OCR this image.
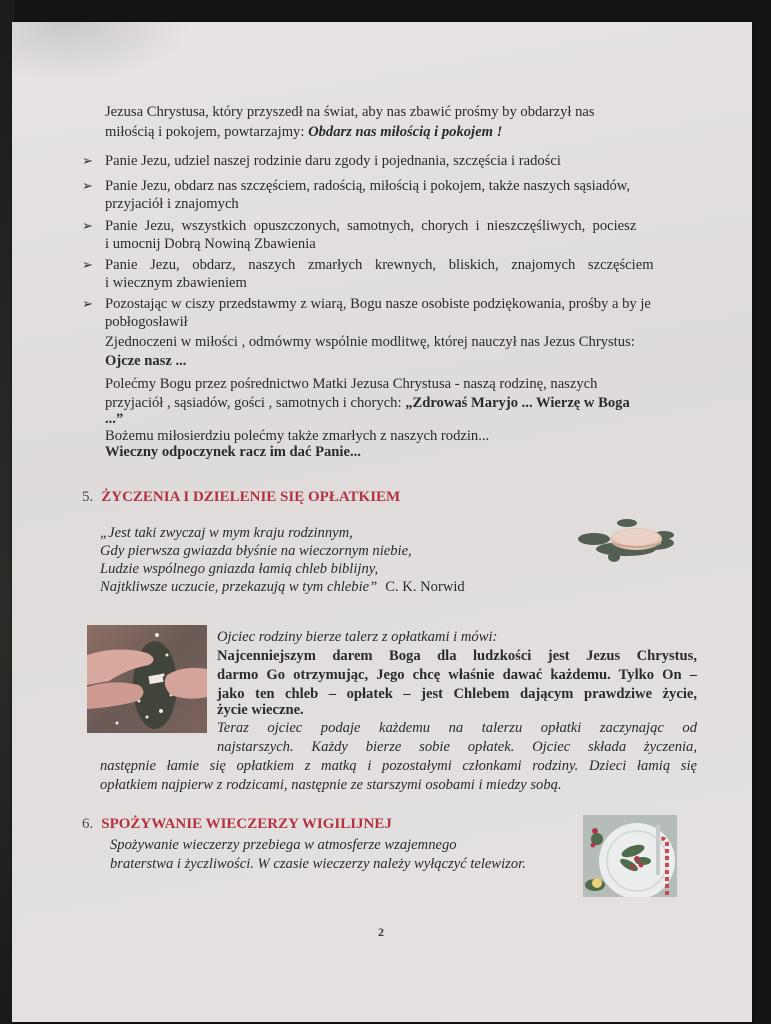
Jezusa Chrystusa, który przyszedł na świat, aby nas zbawić prośmy by obdarzył nas
miłością i pokojem, powtarzajmy: Obdarz nas miłością i pokojem !
➢ Panie Jezu, udziel naszej rodzinie daru zgody i pojednania, szczęścia i radości
➢ Panie Jezu, obdarz nas szczęściem, radością, miłością i pokojem, także naszych sąsiadów,
przyjaciół i znajomych
➢ Panie Jezu, wszystkich opuszczonych, samotnych, chorych i nieszczęśliwych, pociesz
i umocnij Dobrą Nowiną Zbawienia
➢ Panie Jezu, obdarz, naszych zmarłych krewnych, bliskich, znajomych szczęściem
i wiecznym zbawieniem
➢ Pozostając w ciszy przedstawmy z wiarą, Bogu nasze osobiste podziękowania, prośby a by je
pobłogosławił
Zjednoczeni w miłości , odmówmy wspólnie modlitwę, której nauczył nas Jezus Chrystus:
Ojcze nasz ...
Polećmy Bogu przez pośrednictwo Matki Jezusa Chrystusa - naszą rodzinę, naszych
przyjaciół , sąsiadów, gości , samotnych i chorych: „Zdrowaś Maryjo ... Wierzę w Boga
...”
Bożemu miłosierdziu polećmy także zmarłych z naszych rodzin...
Wieczny odpoczynek racz im dać Panie...
5. ŻYCZENIA I DZIELENIE SIĘ OPŁATKIEM
„Jest taki zwyczaj w mym kraju rodzinnym,
Gdy pierwsza gwiazda błyśnie na wieczornym niebie,
Ludzie wspólnego gniazda łamią chleb biblijny,
Najtkliwsze uczucie, przekazują w tym chlebie” C. K. Norwid
Ojciec rodziny bierze talerz z opłatkami i mówi:
Najcenniejszym darem Boga dla ludzkości jest Jezus Chrystus,
darmo Go otrzymując, Jego chcę właśnie dawać każdemu. Tylko On –
jako ten chleb – opłatek – jest Chlebem dającym prawdziwe życie,
życie wieczne.
Teraz ojciec podaje każdemu na talerzu opłatki zaczynając od
najstarszych. Każdy bierze sobie opłatek. Ojciec składa życzenia,
następnie łamie się opłatkiem z matką i pozostałymi członkami rodziny. Dzieci łamią się
opłatkiem najpierw z rodzicami, następnie ze starszymi osobami i miedzy sobą.
6. SPOŻYWANIE WIECZERZY WIGILIJNEJ
Spożywanie wieczerzy przebiega w atmosferze wzajemnego
braterstwa i życzliwości. W czasie wieczerzy należy wyłączyć telewizor.
2
